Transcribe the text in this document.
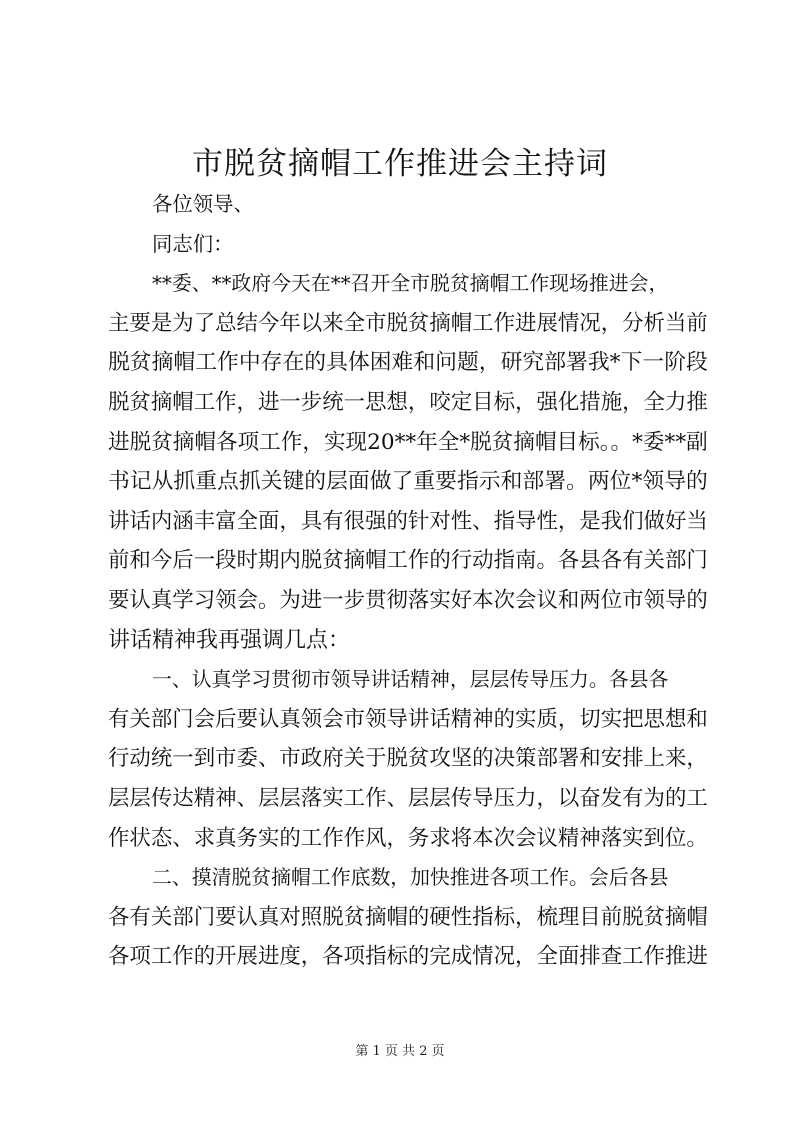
市脱贫摘帽工作推进会主持词
各位领导、
同志们：
**委、**政府今天在**召开全市脱贫摘帽工作现场推进会，
主要是为了总结今年以来全市脱贫摘帽工作进展情况，分析当前
脱贫摘帽工作中存在的具体困难和问题，研究部署我*下一阶段
脱贫摘帽工作，进一步统一思想，咬定目标，强化措施，全力推
进脱贫摘帽各项工作，实现20**年全*脱贫摘帽目标。。*委**副
书记从抓重点抓关键的层面做了重要指示和部署。两位*领导的
讲话内涵丰富全面，具有很强的针对性、指导性，是我们做好当
前和今后一段时期内脱贫摘帽工作的行动指南。各县各有关部门
要认真学习领会。为进一步贯彻落实好本次会议和两位市领导的
讲话精神我再强调几点：
一、认真学习贯彻市领导讲话精神，层层传导压力。各县各
有关部门会后要认真领会市领导讲话精神的实质，切实把思想和
行动统一到市委、市政府关于脱贫攻坚的决策部署和安排上来，
层层传达精神、层层落实工作、层层传导压力，以奋发有为的工
作状态、求真务实的工作作风，务求将本次会议精神落实到位。
二、摸清脱贫摘帽工作底数，加快推进各项工作。会后各县
各有关部门要认真对照脱贫摘帽的硬性指标，梳理目前脱贫摘帽
各项工作的开展进度，各项指标的完成情况，全面排查工作推进
第 1 页 共 2 页
